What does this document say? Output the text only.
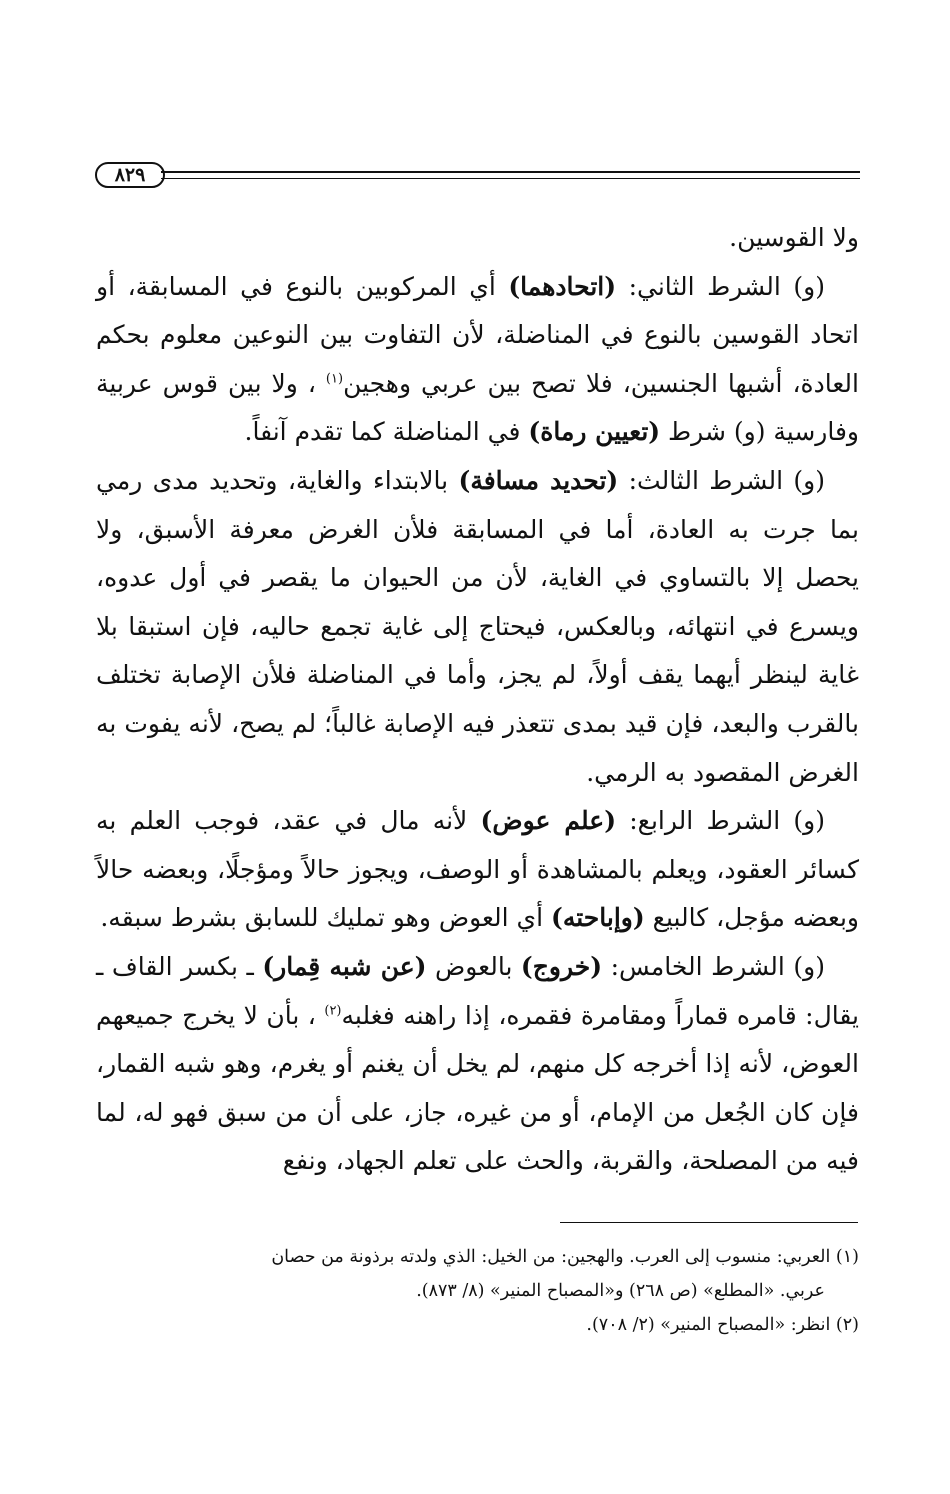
٨٢٩

ولا القوسين.

(و) الشرط الثاني: (اتحادهما) أي المركوبين بالنوع في المسابقة، أو اتحاد القوسين بالنوع في المناضلة، لأن التفاوت بين النوعين معلوم بحكم العادة، أشبها الجنسين، فلا تصح بين عربي وهجين$^{(١)}$ ، ولا بين قوس عربية وفارسية (و) شرط (تعيين رماة) في المناضلة كما تقدم آنفاً.

(و) الشرط الثالث: (تحديد مسافة) بالابتداء والغاية، وتحديد مدى رمي بما جرت به العادة، أما في المسابقة فلأن الغرض معرفة الأسبق، ولا يحصل إلا بالتساوي في الغاية، لأن من الحيوان ما يقصر في أول عدوه، ويسرع في انتهائه، وبالعكس، فيحتاج إلى غاية تجمع حاليه، فإن استبقا بلا غاية لينظر أيهما يقف أولاً، لم يجز، وأما في المناضلة فلأن الإصابة تختلف بالقرب والبعد، فإن قيد بمدى تتعذر فيه الإصابة غالباً؛ لم يصح، لأنه يفوت به الغرض المقصود به الرمي.

(و) الشرط الرابع: (علم عوض) لأنه مال في عقد، فوجب العلم به كسائر العقود، ويعلم بالمشاهدة أو الوصف، ويجوز حالاً ومؤجلًا، وبعضه حالاً وبعضه مؤجل، كالبيع (وإباحته) أي العوض وهو تمليك للسابق بشرط سبقه.

(و) الشرط الخامس: (خروج) بالعوض (عن شبه قِمار) ـ بكسر القاف ـ يقال: قامره قماراً ومقامرة فقمره، إذا راهنه فغلبه$^{(٢)}$ ، بأن لا يخرج جميعهم العوض، لأنه إذا أخرجه كل منهم، لم يخل أن يغنم أو يغرم، وهو شبه القمار، فإن كان الجُعل من الإمام، أو من غيره، جاز، على أن من سبق فهو له، لما فيه من المصلحة، والقربة، والحث على تعلم الجهاد، ونفع

(١) العربي: منسوب إلى العرب. والهجين: من الخيل: الذي ولدته برذونة من حصان

عربي. «المطلع» (ص ٢٦٨) و«المصباح المنير» (٨/ ٨٧٣).

(٢) انظر: «المصباح المنير» (٢/ ٧٠٨).
